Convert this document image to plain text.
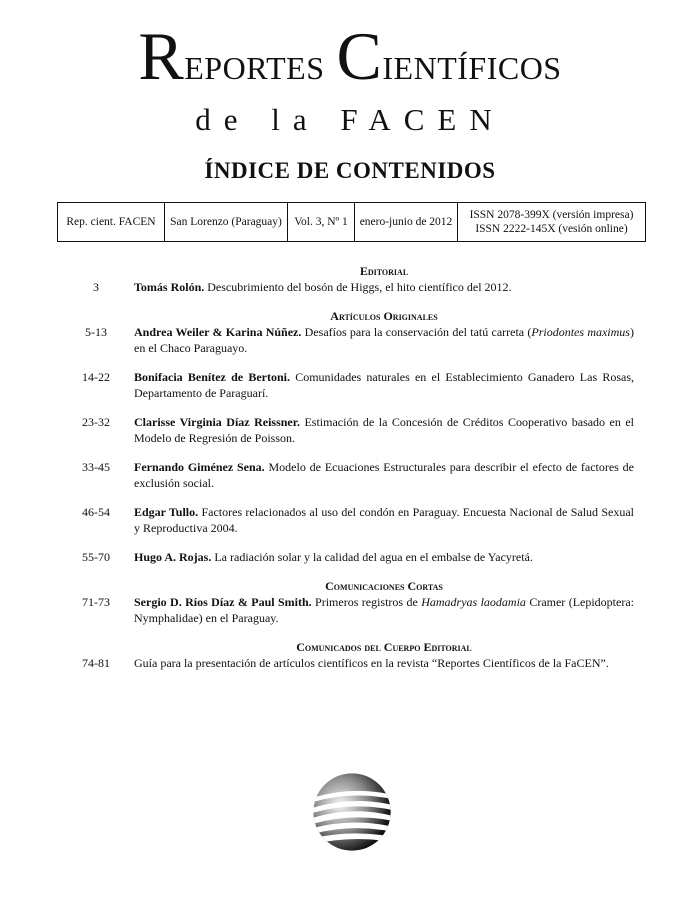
Reportes Científicos
de la FACEN
ÍNDICE DE CONTENIDOS
Rep. cient. FACEN	San Lorenzo (Paraguay)	Vol. 3, Nº 1	enero-junio de 2012	
ISSN 2078-399X (versión impresa)
ISSN 2222-145X (vesión online)
Editorial
3	Tomás Rolón. Descubrimiento del bosón de Higgs, el hito científico del 2012.
Artículos Originales
5-13	Andrea Weiler & Karina Núñez. Desafíos para la conservación del tatú carreta (Priodontes maximus) en el Chaco Paraguayo.
14-22	Bonifacia Benítez de Bertoni. Comunidades naturales en el Establecimiento Ganadero Las Rosas, Departamento de Paraguarí.
23-32	Clarisse Virginia Díaz Reissner. Estimación de la Concesión de Créditos Cooperativo basado en el Modelo de Regresión de Poisson.
33-45	Fernando Giménez Sena. Modelo de Ecuaciones Estructurales para describir el efecto de factores de exclusión social.
46-54	Edgar Tullo. Factores relacionados al uso del condón en Paraguay. Encuesta Nacional de Salud Sexual y Reproductiva 2004.
55-70	Hugo A. Rojas. La radiación solar y la calidad del agua en el embalse de Yacyretá.
Comunicaciones Cortas
71-73	Sergio D. Ríos Díaz & Paul Smith. Primeros registros de Hamadryas laodamia Cramer (Lepidoptera: Nymphalidae) en el Paraguay.
Comunicados del Cuerpo Editorial
74-81	Guía para la presentación de artículos científicos en la revista “Reportes Científicos de la FaCEN”.
